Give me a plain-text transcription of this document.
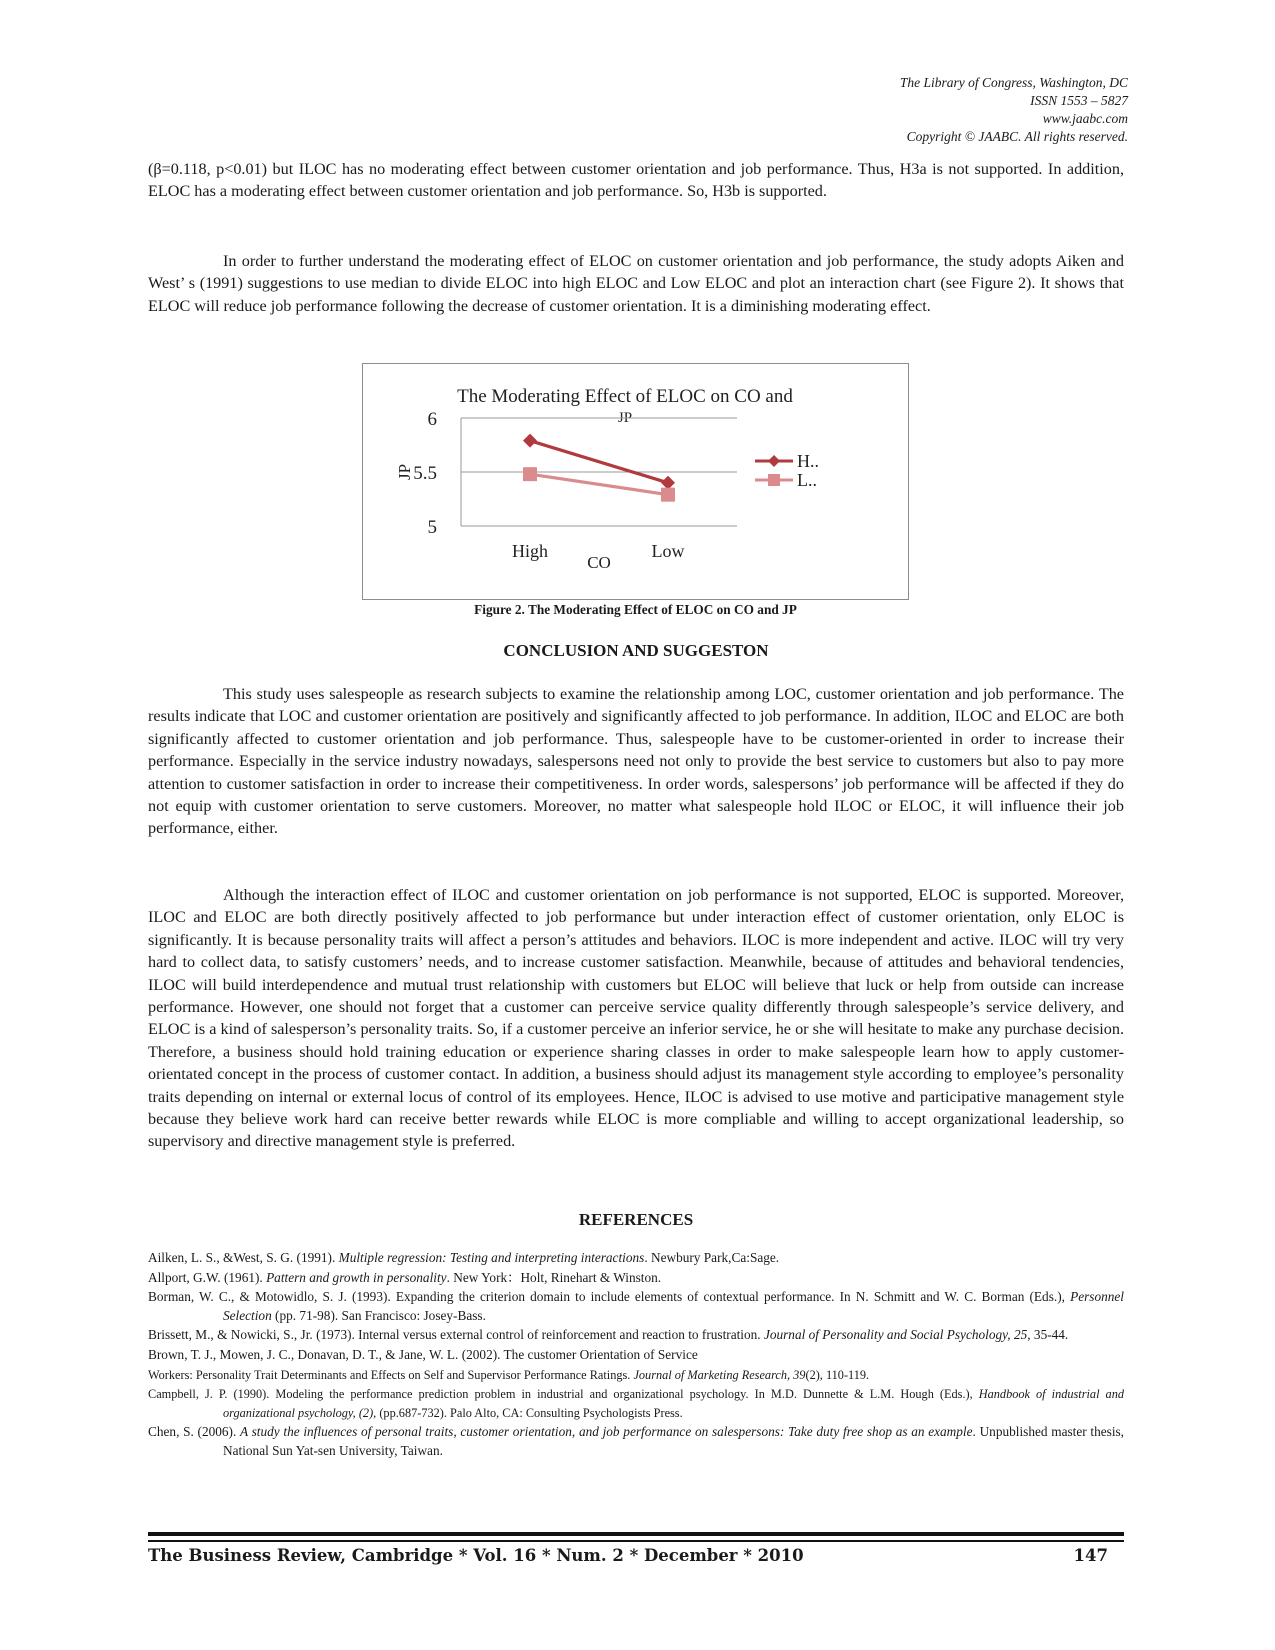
The Library of Congress, Washington, DC
ISSN 1553 – 5827
www.jaabc.com
Copyright © JAABC. All rights reserved.

(β=0.118, p<0.01) but ILOC has no moderating effect between customer orientation and job performance. Thus, H3a is not supported. In addition, ELOC has a moderating effect between customer orientation and job performance. So, H3b is supported.

In order to further understand the moderating effect of ELOC on customer orientation and job performance, the study adopts Aiken and West’ s (1991) suggestions to use median to divide ELOC into high ELOC and Low ELOC and plot an interaction chart (see Figure 2). It shows that ELOC will reduce job performance following the decrease of customer orientation. It is a diminishing moderating effect.

The Moderating Effect of ELOC on CO and
JP
5
5.5
6
JP
High	Low
CO
H..
L..
Figure 2. The Moderating Effect of ELOC on CO and JP
CONCLUSION AND SUGGESTON

This study uses salespeople as research subjects to examine the relationship among LOC, customer orientation and job performance. The results indicate that LOC and customer orientation are positively and significantly affected to job performance. In addition, ILOC and ELOC are both significantly affected to customer orientation and job performance. Thus, salespeople have to be customer-oriented in order to increase their performance. Especially in the service industry nowadays, salespersons need not only to provide the best service to customers but also to pay more attention to customer satisfaction in order to increase their competitiveness. In order words, salespersons’ job performance will be affected if they do not equip with customer orientation to serve customers. Moreover, no matter what salespeople hold ILOC or ELOC, it will influence their job performance, either.

Although the interaction effect of ILOC and customer orientation on job performance is not supported, ELOC is supported. Moreover, ILOC and ELOC are both directly positively affected to job performance but under interaction effect of customer orientation, only ELOC is significantly. It is because personality traits will affect a person’s attitudes and behaviors. ILOC is more independent and active. ILOC will try very hard to collect data, to satisfy customers’ needs, and to increase customer satisfaction. Meanwhile, because of attitudes and behavioral tendencies, ILOC will build interdependence and mutual trust relationship with customers but ELOC will believe that luck or help from outside can increase performance. However, one should not forget that a customer can perceive service quality differently through salespeople’s service delivery, and ELOC is a kind of salesperson’s personality traits. So, if a customer perceive an inferior service, he or she will hesitate to make any purchase decision. Therefore, a business should hold training education or experience sharing classes in order to make salespeople learn how to apply customer-orientated concept in the process of customer contact. In addition, a business should adjust its management style according to employee’s personality traits depending on internal or external locus of control of its employees. Hence, ILOC is advised to use motive and participative management style because they believe work hard can receive better rewards while ELOC is more compliable and willing to accept organizational leadership, so supervisory and directive management style is preferred.

REFERENCES

Ailken, L. S., &West, S. G. (1991). Multiple regression: Testing and interpreting interactions. Newbury Park,Ca:Sage.

Allport, G.W. (1961). Pattern and growth in personality. New York：Holt, Rinehart & Winston.

Borman, W. C., & Motowidlo, S. J. (1993). Expanding the criterion domain to include elements of contextual performance. In N. Schmitt and W. C. Borman (Eds.), Personnel Selection (pp. 71-98). San Francisco: Josey-Bass.

Brissett, M., & Nowicki, S., Jr. (1973). Internal versus external control of reinforcement and reaction to frustration. Journal of Personality and Social Psychology, 25, 35-44.

Brown, T. J., Mowen, J. C., Donavan, D. T., & Jane, W. L. (2002). The customer Orientation of Service

Workers: Personality Trait Determinants and Effects on Self and Supervisor Performance Ratings. Journal of Marketing Research, 39(2), 110-119.

Campbell, J. P. (1990). Modeling the performance prediction problem in industrial and organizational psychology. In M.D. Dunnette & L.M. Hough (Eds.), Handbook of industrial and organizational psychology, (2), (pp.687-732). Palo Alto, CA: Consulting Psychologists Press.

Chen, S. (2006). A study the influences of personal traits, customer orientation, and job performance on salespersons: Take duty free shop as an example. Unpublished master thesis, National Sun Yat-sen University, Taiwan.

The Business Review, Cambridge * Vol. 16 * Num. 2 * December * 2010	147
